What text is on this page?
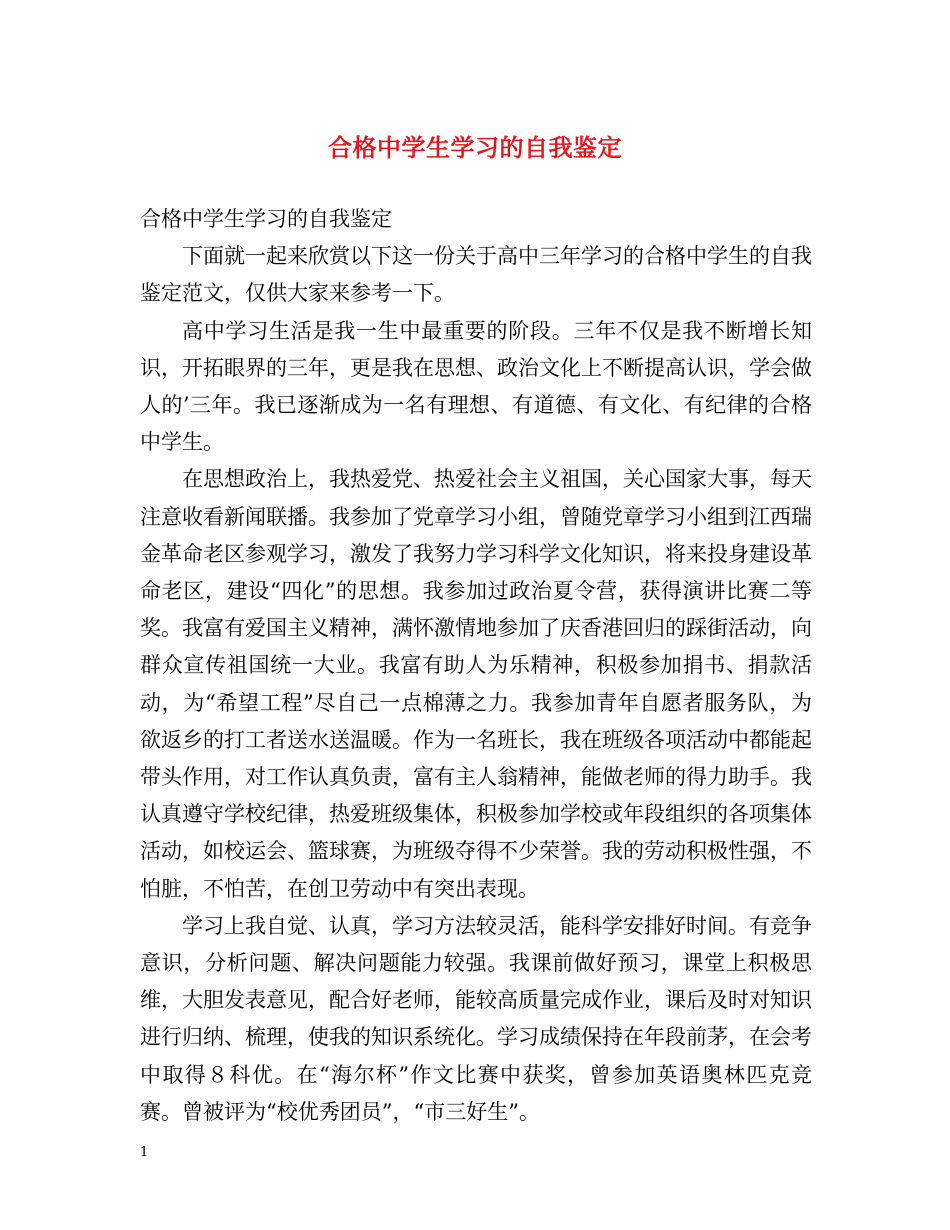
合格中学生学习的自我鉴定

合格中学生学习的自我鉴定

下面就一起来欣赏以下这一份关于高中三年学习的合格中学生的自我鉴定范文，仅供大家来参考一下。

高中学习生活是我一生中最重要的阶段。三年不仅是我不断增长知识，开拓眼界的三年，更是我在思想、政治文化上不断提高认识，学会做人的’三年。我已逐渐成为一名有理想、有道德、有文化、有纪律的合格中学生。

在思想政治上，我热爱党、热爱社会主义祖国，关心国家大事，每天注意收看新闻联播。我参加了党章学习小组，曾随党章学习小组到江西瑞金革命老区参观学习，激发了我努力学习科学文化知识，将来投身建设革命老区，建设“四化”的思想。我参加过政治夏令营，获得演讲比赛二等奖。我富有爱国主义精神，满怀激情地参加了庆香港回归的踩街活动，向群众宣传祖国统一大业。我富有助人为乐精神，积极参加捐书、捐款活动，为“希望工程”尽自己一点棉薄之力。我参加青年自愿者服务队，为欲返乡的打工者送水送温暖。作为一名班长，我在班级各项活动中都能起带头作用，对工作认真负责，富有主人翁精神，能做老师的得力助手。我认真遵守学校纪律，热爱班级集体，积极参加学校或年段组织的各项集体活动，如校运会、篮球赛，为班级夺得不少荣誉。我的劳动积极性强，不怕脏，不怕苦，在创卫劳动中有突出表现。

学习上我自觉、认真，学习方法较灵活，能科学安排好时间。有竞争意识，分析问题、解决问题能力较强。我课前做好预习，课堂上积极思维，大胆发表意见，配合好老师，能较高质量完成作业，课后及时对知识进行归纳、梳理，使我的知识系统化。学习成绩保持在年段前茅，在会考中取得８科优。在“海尔杯”作文比赛中获奖，曾参加英语奥林匹克竞赛。曾被评为“校优秀团员”，“市三好生”。

1
